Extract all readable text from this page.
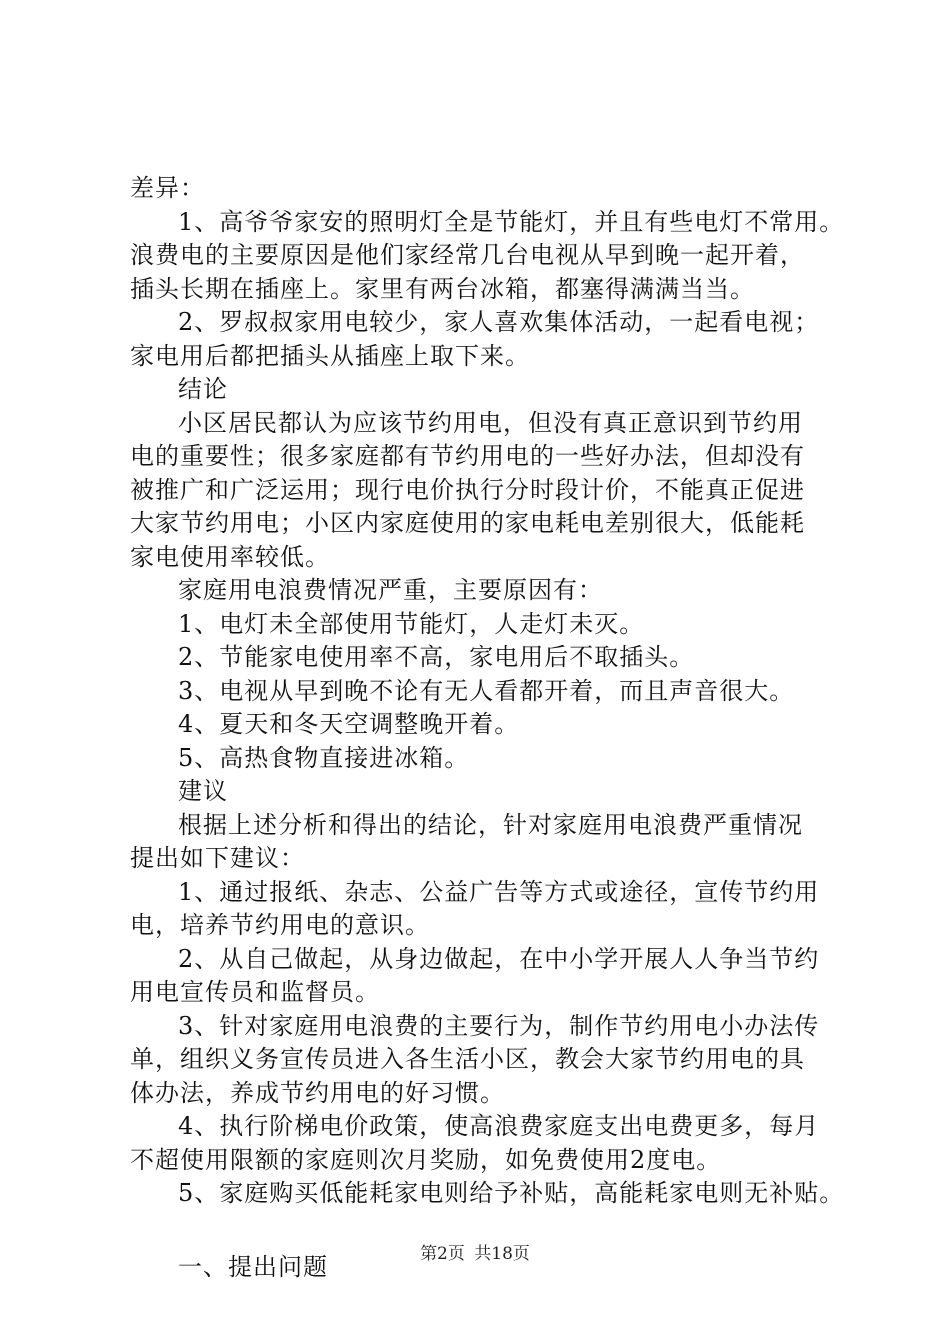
差异：
1、高爷爷家安的照明灯全是节能灯，并且有些电灯不常用。
浪费电的主要原因是他们家经常几台电视从早到晚一起开着，
插头长期在插座上。家里有两台冰箱，都塞得满满当当。
2、罗叔叔家用电较少，家人喜欢集体活动，一起看电视；
家电用后都把插头从插座上取下来。
结论
小区居民都认为应该节约用电，但没有真正意识到节约用
电的重要性；很多家庭都有节约用电的一些好办法，但却没有
被推广和广泛运用；现行电价执行分时段计价，不能真正促进
大家节约用电；小区内家庭使用的家电耗电差别很大，低能耗
家电使用率较低。
家庭用电浪费情况严重，主要原因有：
1、电灯未全部使用节能灯，人走灯未灭。
2、节能家电使用率不高，家电用后不取插头。
3、电视从早到晚不论有无人看都开着，而且声音很大。
4、夏天和冬天空调整晚开着。
5、高热食物直接进冰箱。
建议
根据上述分析和得出的结论，针对家庭用电浪费严重情况
提出如下建议：
1、通过报纸、杂志、公益广告等方式或途径，宣传节约用
电，培养节约用电的意识。
2、从自己做起，从身边做起，在中小学开展人人争当节约
用电宣传员和监督员。
3、针对家庭用电浪费的主要行为，制作节约用电小办法传
单，组织义务宣传员进入各生活小区，教会大家节约用电的具
体办法，养成节约用电的好习惯。
4、执行阶梯电价政策，使高浪费家庭支出电费更多，每月
不超使用限额的家庭则次月奖励，如免费使用2度电。
5、家庭购买低能耗家电则给予补贴，高能耗家电则无补贴。
一、提出问题	第2页 共18页
